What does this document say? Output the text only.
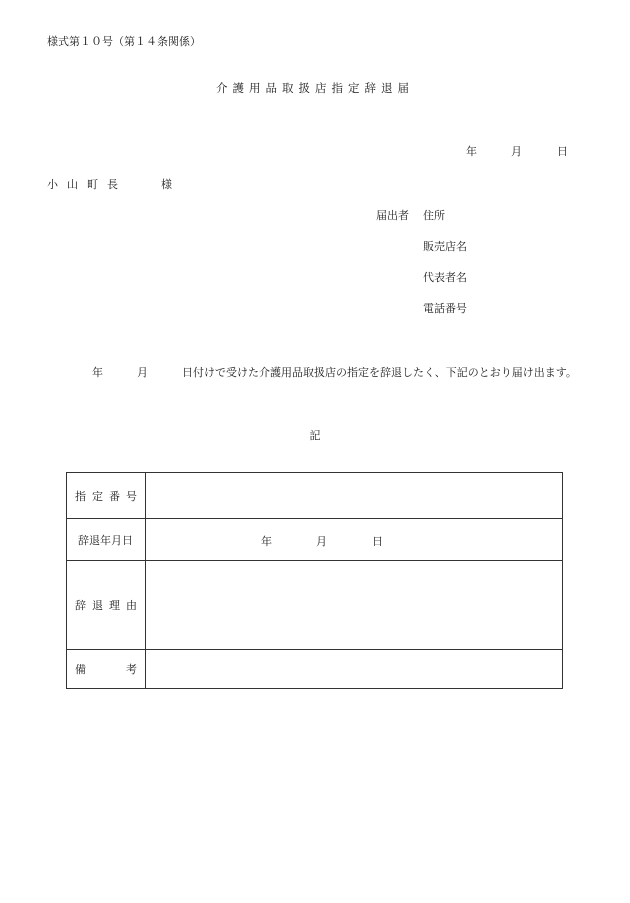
様式第１０号（第１４条関係）
介護用品取扱店指定辞退届
年	月	日
小山町長	様
届出者 住所
販売店名
代表者名
電話番号
年	月	日付けで受けた介護用品取扱店の指定を辞退したく、下記のとおり届け出ます。
記
指 定 番 号	

辞退年月日	年 月 日

辞 退 理 由	

備 考	
